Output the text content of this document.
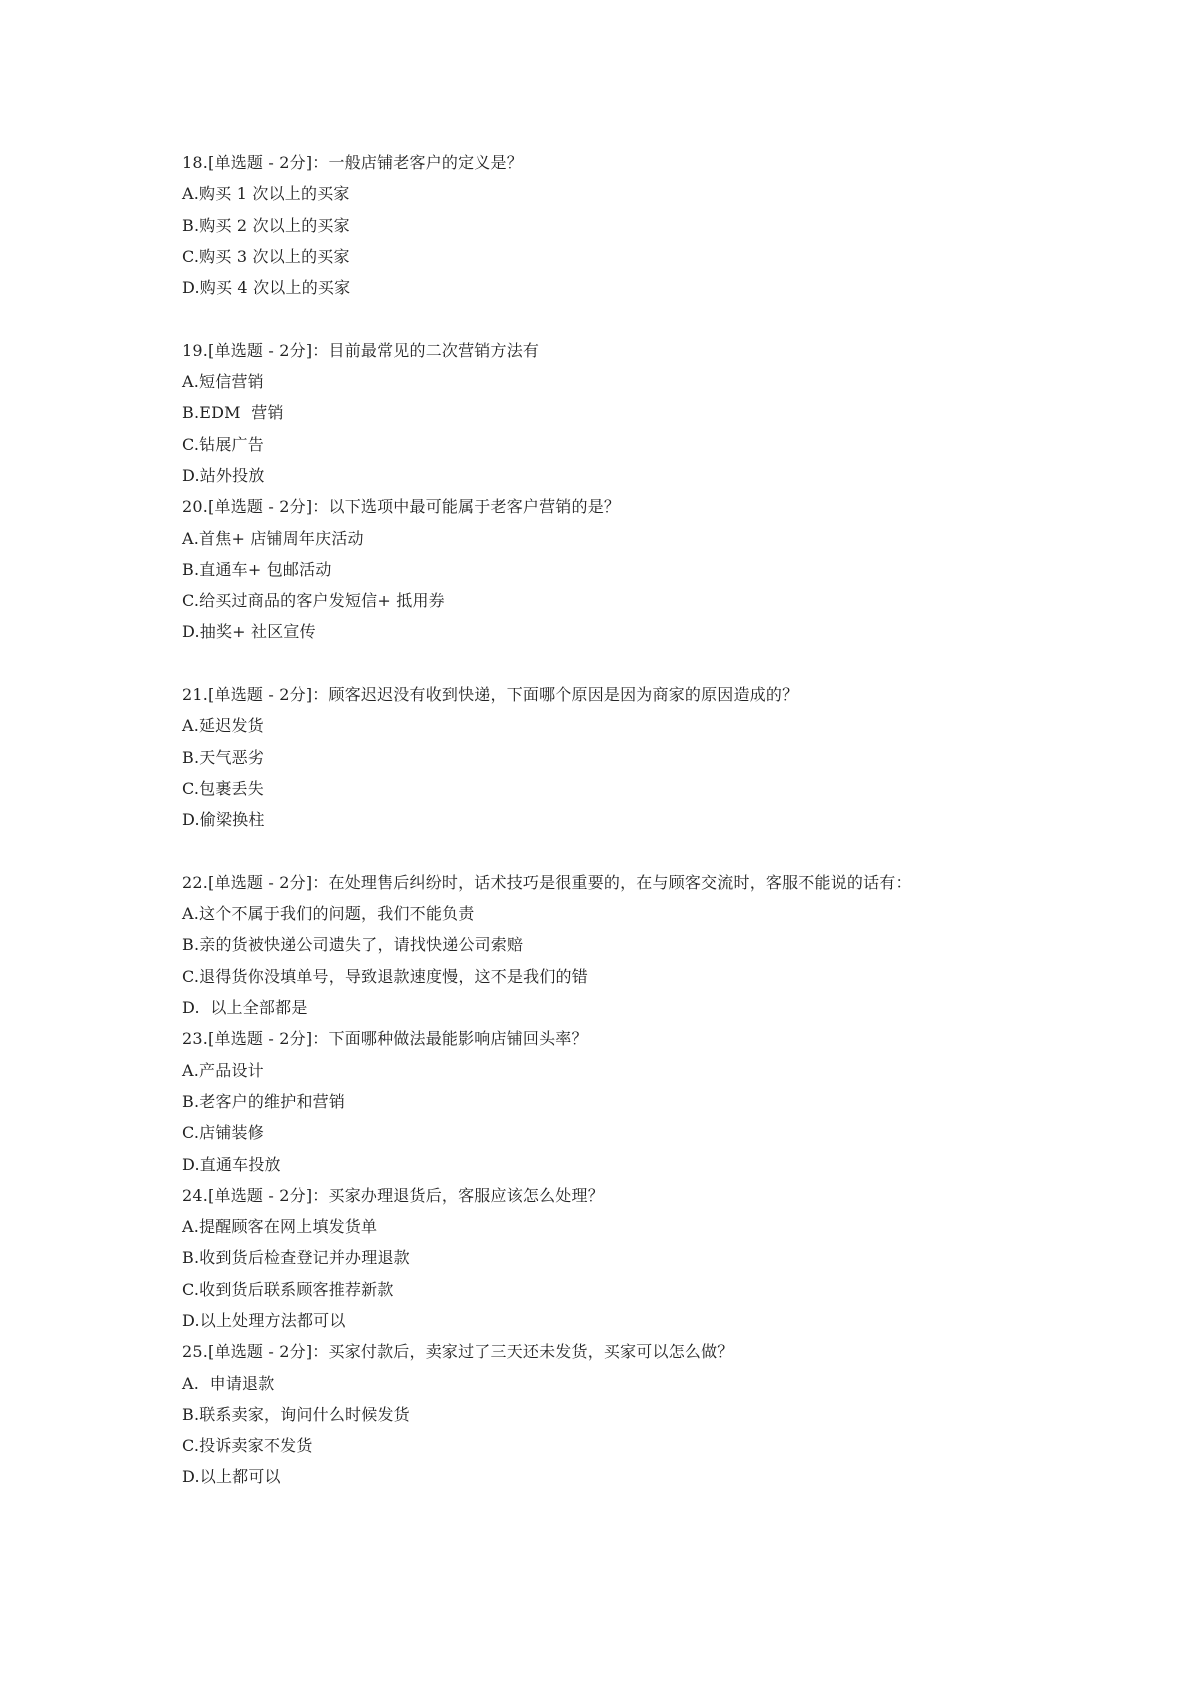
18.[单选题 - 2分]：一般店铺老客户的定义是？
A.购买 1 次以上的买家
B.购买 2 次以上的买家
C.购买 3 次以上的买家
D.购买 4 次以上的买家
19.[单选题 - 2分]：目前最常见的二次营销方法有
A.短信营销
B.EDM  营销
C.钻展广告
D.站外投放
20.[单选题 - 2分]：以下选项中最可能属于老客户营销的是？
A.首焦+ 店铺周年庆活动
B.直通车+ 包邮活动
C.给买过商品的客户发短信+ 抵用券
D.抽奖+ 社区宣传
21.[单选题 - 2分]：顾客迟迟没有收到快递，下面哪个原因是因为商家的原因造成的？
A.延迟发货
B.天气恶劣
C.包裹丢失
D.偷梁换柱
22.[单选题 - 2分]：在处理售后纠纷时，话术技巧是很重要的，在与顾客交流时，客服不能说的话有：
A.这个不属于我们的问题，我们不能负责
B.亲的货被快递公司遗失了，请找快递公司索赔
C.退得货你没填单号，导致退款速度慢，这不是我们的错
D.  以上全部都是
23.[单选题 - 2分]：下面哪种做法最能影响店铺回头率？
A.产品设计
B.老客户的维护和营销
C.店铺装修
D.直通车投放
24.[单选题 - 2分]：买家办理退货后，客服应该怎么处理？
A.提醒顾客在网上填发货单
B.收到货后检查登记并办理退款
C.收到货后联系顾客推荐新款
D.以上处理方法都可以
25.[单选题 - 2分]：买家付款后，卖家过了三天还未发货，买家可以怎么做？
A.  申请退款
B.联系卖家，询问什么时候发货
C.投诉卖家不发货
D.以上都可以
